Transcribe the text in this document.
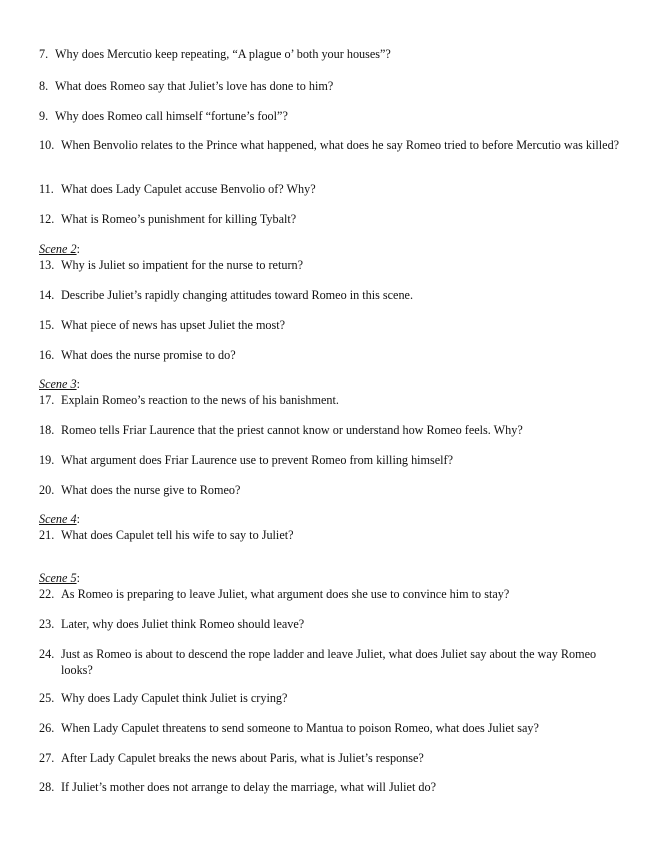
7. Why does Mercutio keep repeating, “A plague o’ both your houses”?
8. What does Romeo say that Juliet’s love has done to him?
9. Why does Romeo call himself “fortune’s fool”?
10. When Benvolio relates to the Prince what happened, what does he say Romeo tried to before Mercutio was killed?
11. What does Lady Capulet accuse Benvolio of? Why?
12. What is Romeo’s punishment for killing Tybalt?
Scene 2:
13. Why is Juliet so impatient for the nurse to return?
14. Describe Juliet’s rapidly changing attitudes toward Romeo in this scene.
15. What piece of news has upset Juliet the most?
16. What does the nurse promise to do?
Scene 3:
17. Explain Romeo’s reaction to the news of his banishment.
18. Romeo tells Friar Laurence that the priest cannot know or understand how Romeo feels. Why?
19. What argument does Friar Laurence use to prevent Romeo from killing himself?
20. What does the nurse give to Romeo?
Scene 4:
21. What does Capulet tell his wife to say to Juliet?
Scene 5:
22. As Romeo is preparing to leave Juliet, what argument does she use to convince him to stay?
23. Later, why does Juliet think Romeo should leave?
24. Just as Romeo is about to descend the rope ladder and leave Juliet, what does Juliet say about the way Romeo looks?
25. Why does Lady Capulet think Juliet is crying?
26. When Lady Capulet threatens to send someone to Mantua to poison Romeo, what does Juliet say?
27. After Lady Capulet breaks the news about Paris, what is Juliet’s response?
28. If Juliet’s mother does not arrange to delay the marriage, what will Juliet do?
